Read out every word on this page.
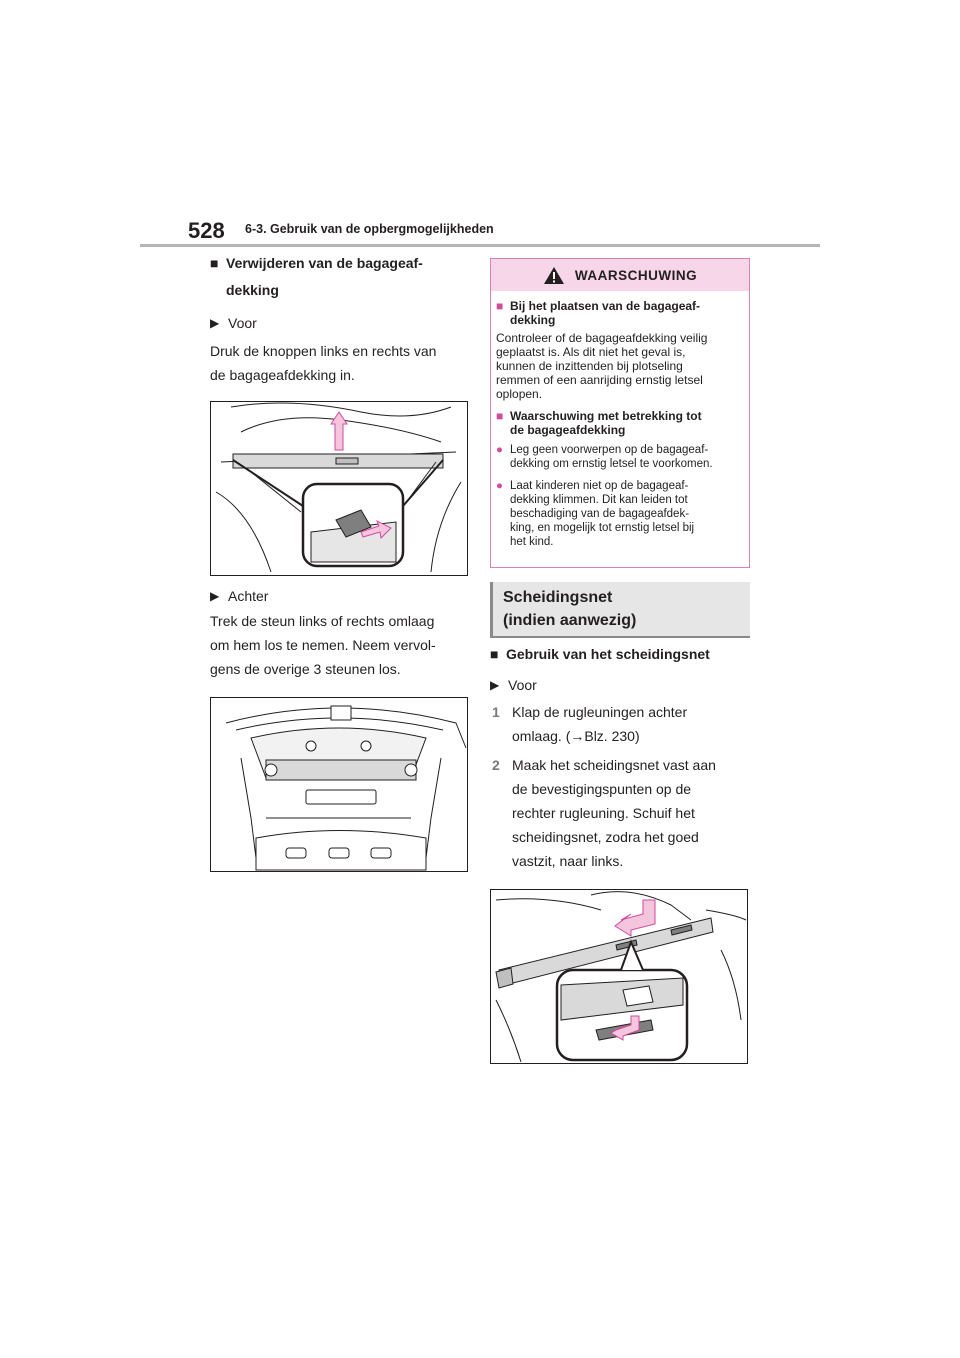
528 6-3. Gebruik van de opbergmogelijkheden
■ Verwijderen van de bagageaf-
dekking
▶ Voor
Druk de knoppen links en rechts van
de bagageafdekking in.
▶ Achter
Trek de steun links of rechts omlaag
om hem los te nemen. Neem vervol-
gens de overige 3 steunen los.
WAARSCHUWING
■ Bij het plaatsen van de bagageaf-
dekking
Controleer of de bagageafdekking veilig
geplaatst is. Als dit niet het geval is,
kunnen de inzittenden bij plotseling
remmen of een aanrijding ernstig letsel
oplopen.
■ Waarschuwing met betrekking tot
de bagageafdekking
● Leg geen voorwerpen op de bagageaf-
dekking om ernstig letsel te voorkomen.
● Laat kinderen niet op de bagageaf-
dekking klimmen. Dit kan leiden tot
beschadiging van de bagageafdek-
king, en mogelijk tot ernstig letsel bij
het kind.
Scheidingsnet
(indien aanwezig)
■ Gebruik van het scheidingsnet
▶ Voor
1 Klap de rugleuningen achter
omlaag. (→Blz. 230)
2 Maak het scheidingsnet vast aan
de bevestigingspunten op de
rechter rugleuning. Schuif het
scheidingsnet, zodra het goed
vastzit, naar links.
